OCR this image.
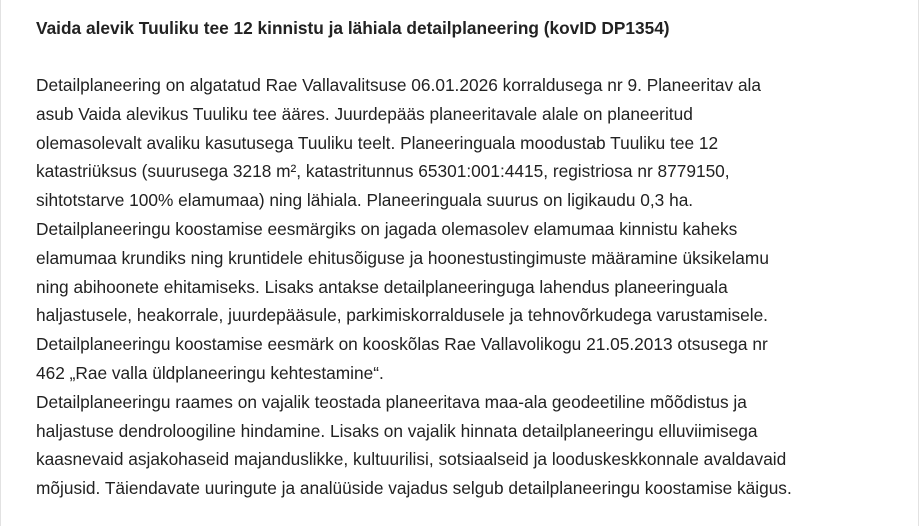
Vaida alevik Tuuliku tee 12 kinnistu ja lähiala detailplaneering (kovID DP1354)
Detailplaneering on algatatud Rae Vallavalitsuse 06.01.2026 korraldusega nr 9. Planeeritav ala
asub Vaida alevikus Tuuliku tee ääres. Juurdepääs planeeritavale alale on planeeritud
olemasolevalt avaliku kasutusega Tuuliku teelt. Planeeringuala moodustab Tuuliku tee 12
katastriüksus (suurusega 3218 m², katastritunnus 65301:001:4415, registriosa nr 8779150,
sihtotstarve 100% elamumaa) ning lähiala. Planeeringuala suurus on ligikaudu 0,3 ha.
Detailplaneeringu koostamise eesmärgiks on jagada olemasolev elamumaa kinnistu kaheks
elamumaa krundiks ning kruntidele ehitusõiguse ja hoonestustingimuste määramine üksikelamu
ning abihoonete ehitamiseks. Lisaks antakse detailplaneeringuga lahendus planeeringuala
haljastusele, heakorrale, juurdepääsule, parkimiskorraldusele ja tehnovõrkudega varustamisele.
Detailplaneeringu koostamise eesmärk on kooskõlas Rae Vallavolikogu 21.05.2013 otsusega nr
462 „Rae valla üldplaneeringu kehtestamine“.
Detailplaneeringu raames on vajalik teostada planeeritava maa-ala geodeetiline mõõdistus ja
haljastuse dendroloogiline hindamine. Lisaks on vajalik hinnata detailplaneeringu elluviimisega
kaasnevaid asjakohaseid majanduslikke, kultuurilisi, sotsiaalseid ja looduskeskkonnale avaldavaid
mõjusid. Täiendavate uuringute ja analüüside vajadus selgub detailplaneeringu koostamise käigus.
